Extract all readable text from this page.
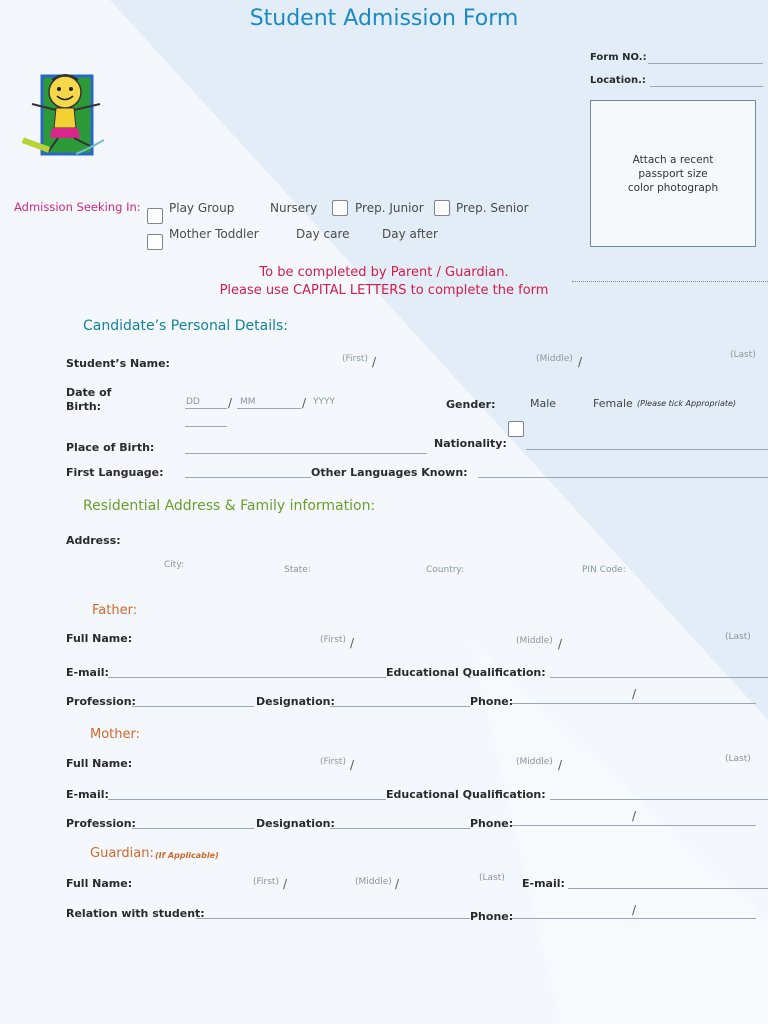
Student Admission Form
Form NO.:
Location.:
Attach a recent
passport size
color photograph
Admission Seeking In: Play Group	Nursery	Prep. Junior	Prep. Senior
Mother Toddler	Day care	Day after
To be completed by Parent / Guardian.
Please use CAPITAL LETTERS to complete the form
Candidate’s Personal Details:
Student’s Name:	(First) /	(Middle) /	(Last)
Date of
Birth:	DD / MM	/ YYYY	Gender:	Male	Female (Please tick Appropriate)
Place of Birth:	Nationality:
First Language:	Other Languages Known:
Residential Address & Family information:
Address:
City:	State:	Country:	PIN Code:
Father:
Full Name:	(First) /	(Middle) /	(Last)
E-mail:	Educational Qualification:
Profession:	Designation:	Phone:
/
Mother:
Full Name:	(First) /	(Middle) /	(Last)
E-mail:	Educational Qualification:
Profession:	Designation:	Phone:
/
Guardian: (If Applicable)
Full Name:	(First) /	(Middle) /	(Last) E-mail:
Relation with student:	Phone:	/
